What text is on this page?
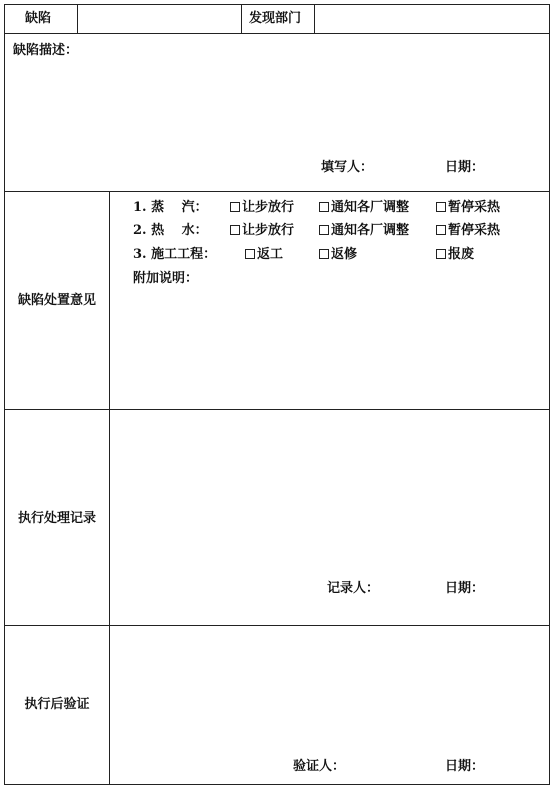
缺陷	发现部门
缺陷描述：
填写人：	日期：
缺陷处置意见
1. 蒸　 汽：	让步放行	通知各厂调整	暂停采热
2. 热　 水：	让步放行	通知各厂调整	暂停采热
3. 施工工程：	返工	返修	报废
附加说明：
执行处理记录
记录人：	日期：
执行后验证
验证人：	日期：
